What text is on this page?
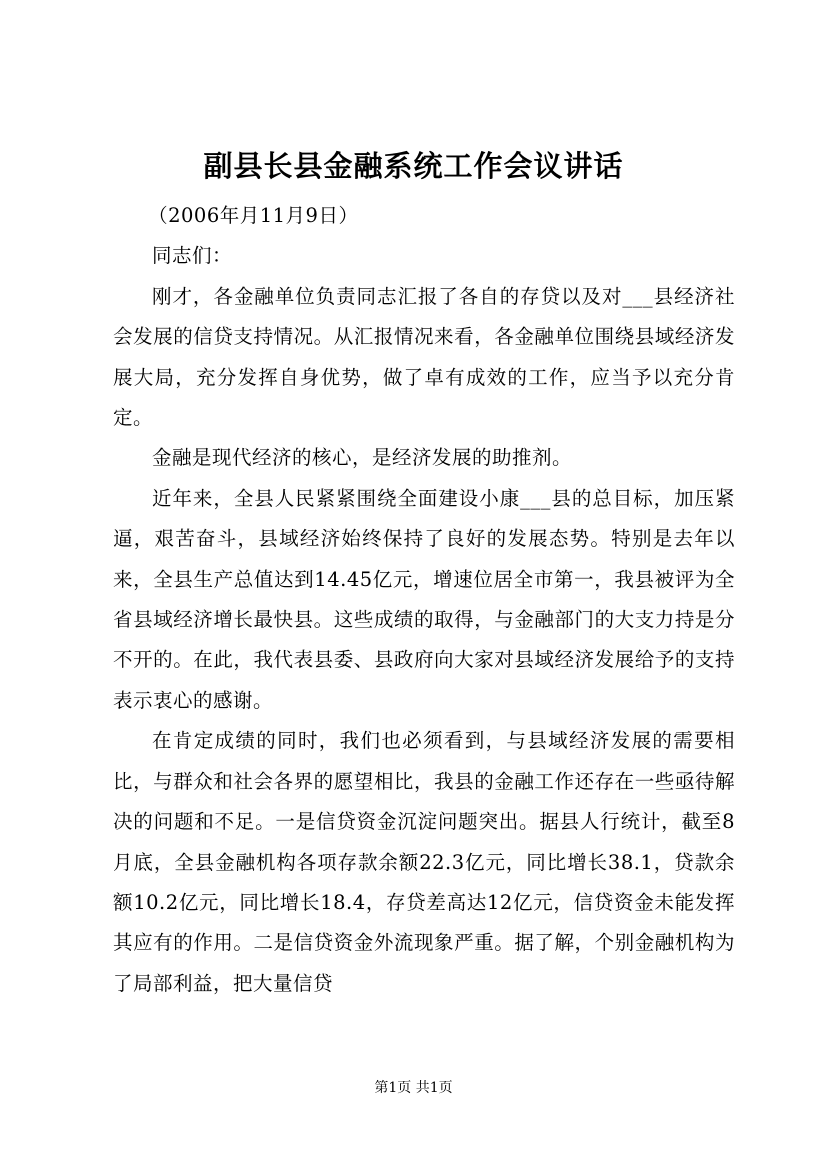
副县长县金融系统工作会议讲话

（2006年月11月9日）

同志们：

刚才，各金融单位负责同志汇报了各自的存贷以及对___县经济社会发展的信贷支持情况。从汇报情况来看，各金融单位围绕县域经济发展大局，充分发挥自身优势，做了卓有成效的工作，应当予以充分肯定。

金融是现代经济的核心，是经济发展的助推剂。

近年来，全县人民紧紧围绕全面建设小康___县的总目标，加压紧逼，艰苦奋斗，县域经济始终保持了良好的发展态势。特别是去年以来，全县生产总值达到14.45亿元，增速位居全市第一，我县被评为全省县域经济增长最快县。这些成绩的取得，与金融部门的大支力持是分不开的。在此，我代表县委、县政府向大家对县域经济发展给予的支持表示衷心的感谢。

在肯定成绩的同时，我们也必须看到，与县域经济发展的需要相比，与群众和社会各界的愿望相比，我县的金融工作还存在一些亟待解决的问题和不足。一是信贷资金沉淀问题突出。据县人行统计，截至8月底，全县金融机构各项存款余额22.3亿元，同比增长38.1，贷款余额10.2亿元，同比增长18.4，存贷差高达12亿元，信贷资金未能发挥其应有的作用。二是信贷资金外流现象严重。据了解，个别金融机构为了局部利益，把大量信贷

第1页 共1页
